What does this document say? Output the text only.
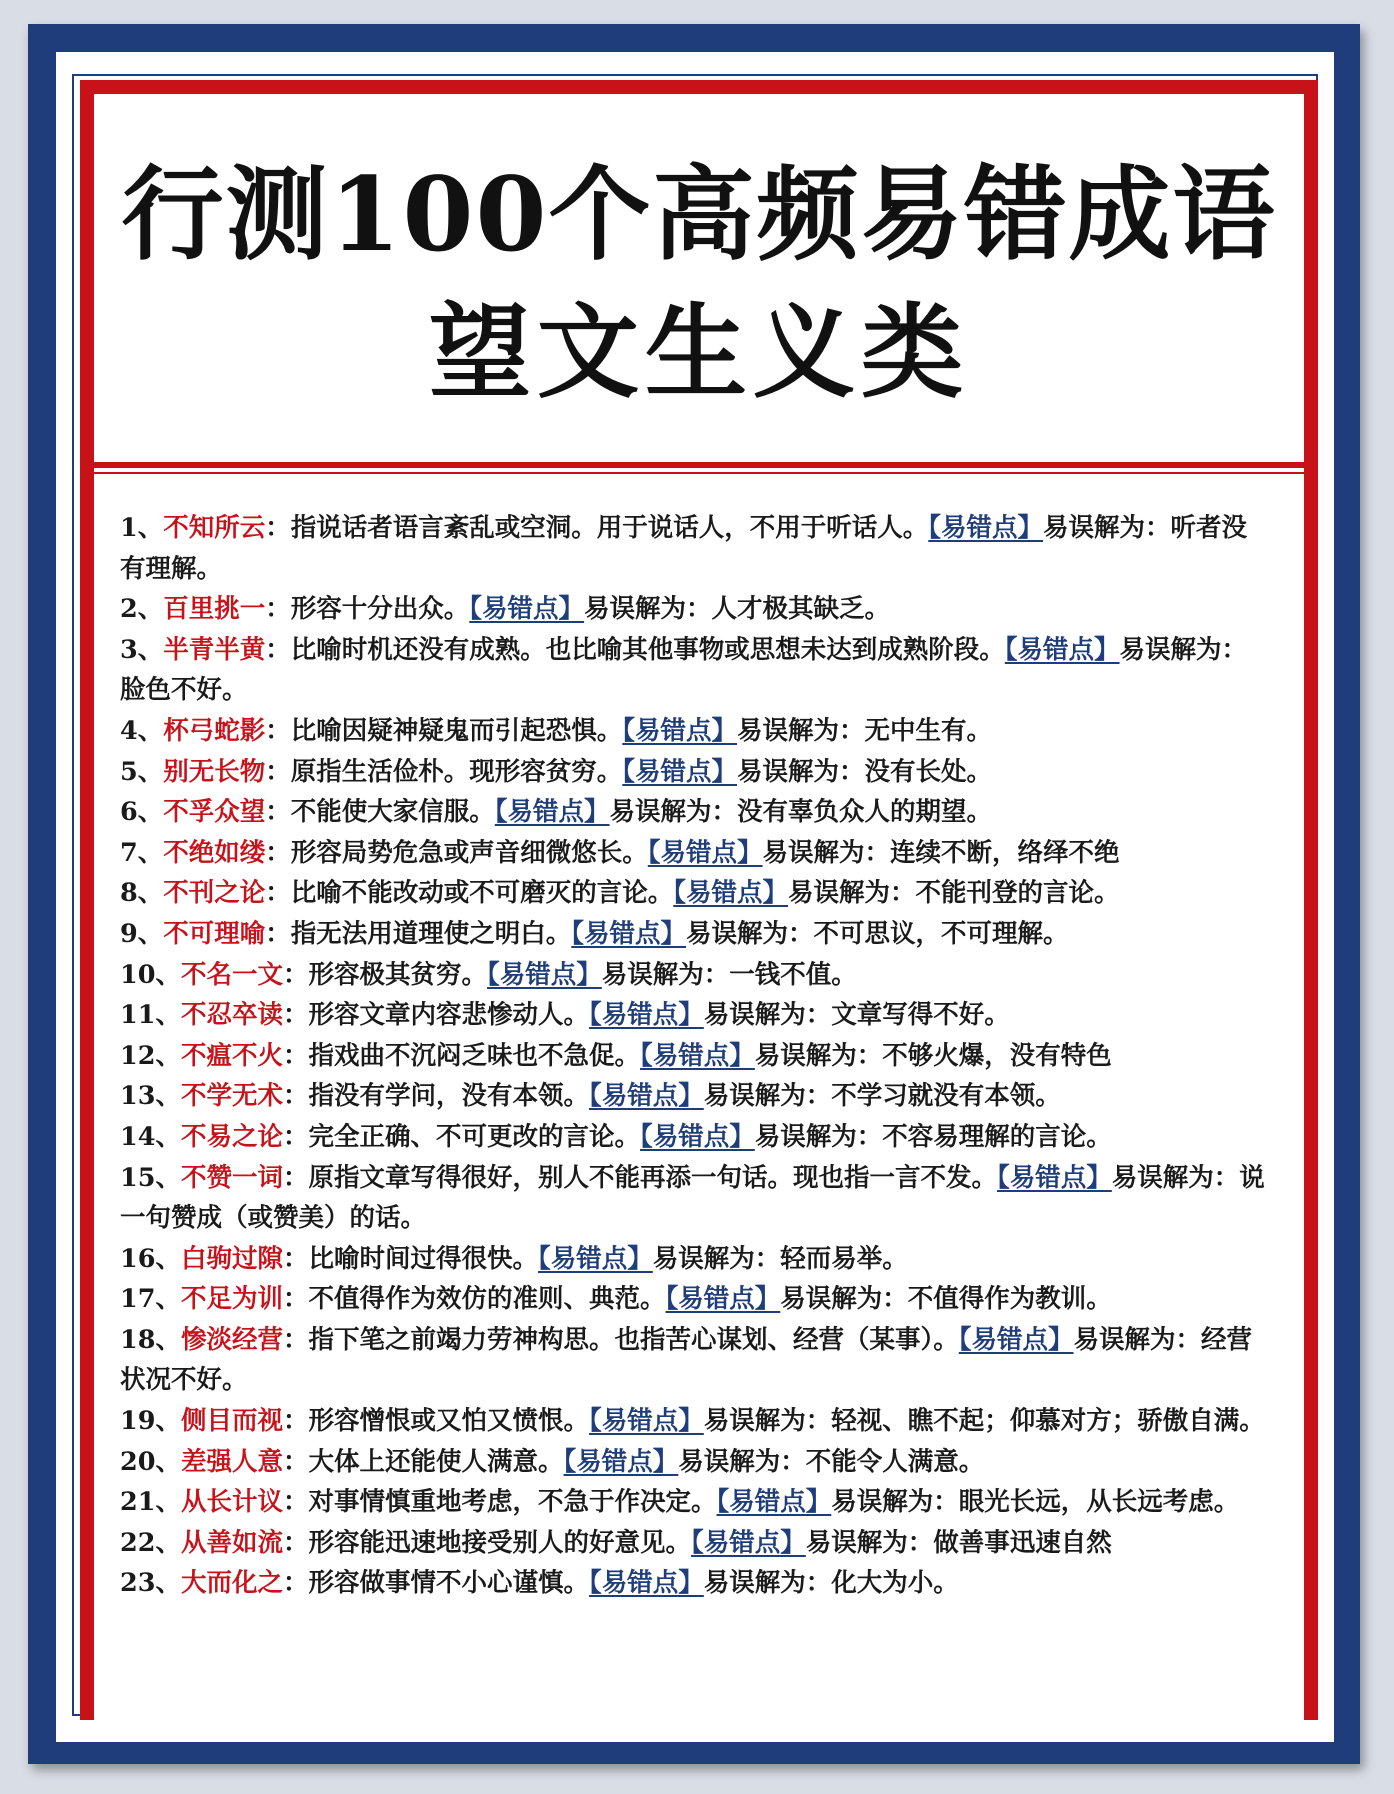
行测100个高频易错成语
望文生义类

1、不知所云：指说话者语言紊乱或空洞。用于说话人，不用于听话人。【易错点】易误解为：听者没有理解。

2、百里挑一：形容十分出众。【易错点】易误解为：人才极其缺乏。

3、半青半黄：比喻时机还没有成熟。也比喻其他事物或思想未达到成熟阶段。【易错点】易误解为：脸色不好。

4、杯弓蛇影：比喻因疑神疑鬼而引起恐惧。【易错点】易误解为：无中生有。

5、别无长物：原指生活俭朴。现形容贫穷。【易错点】易误解为：没有长处。

6、不孚众望：不能使大家信服。【易错点】易误解为：没有辜负众人的期望。

7、不绝如缕：形容局势危急或声音细微悠长。【易错点】易误解为：连续不断，络绎不绝

8、不刊之论：比喻不能改动或不可磨灭的言论。【易错点】易误解为：不能刊登的言论。

9、不可理喻：指无法用道理使之明白。【易错点】易误解为：不可思议，不可理解。

10、不名一文：形容极其贫穷。【易错点】易误解为：一钱不值。

11、不忍卒读：形容文章内容悲惨动人。【易错点】易误解为：文章写得不好。

12、不瘟不火：指戏曲不沉闷乏味也不急促。【易错点】易误解为：不够火爆，没有特色

13、不学无术：指没有学问，没有本领。【易错点】易误解为：不学习就没有本领。

14、不易之论：完全正确、不可更改的言论。【易错点】易误解为：不容易理解的言论。

15、不赞一词：原指文章写得很好，别人不能再添一句话。现也指一言不发。【易错点】易误解为：说一句赞成（或赞美）的话。

16、白驹过隙：比喻时间过得很快。【易错点】易误解为：轻而易举。

17、不足为训：不值得作为效仿的准则、典范。【易错点】易误解为：不值得作为教训。

18、惨淡经营：指下笔之前竭力劳神构思。也指苦心谋划、经营（某事）。【易错点】易误解为：经营状况不好。

19、侧目而视：形容憎恨或又怕又愤恨。【易错点】易误解为：轻视、瞧不起；仰慕对方；骄傲自满。

20、差强人意：大体上还能使人满意。【易错点】易误解为：不能令人满意。

21、从长计议：对事情慎重地考虑，不急于作决定。【易错点】易误解为：眼光长远，从长远考虑。

22、从善如流：形容能迅速地接受别人的好意见。【易错点】易误解为：做善事迅速自然

23、大而化之：形容做事情不小心谨慎。【易错点】易误解为：化大为小。
